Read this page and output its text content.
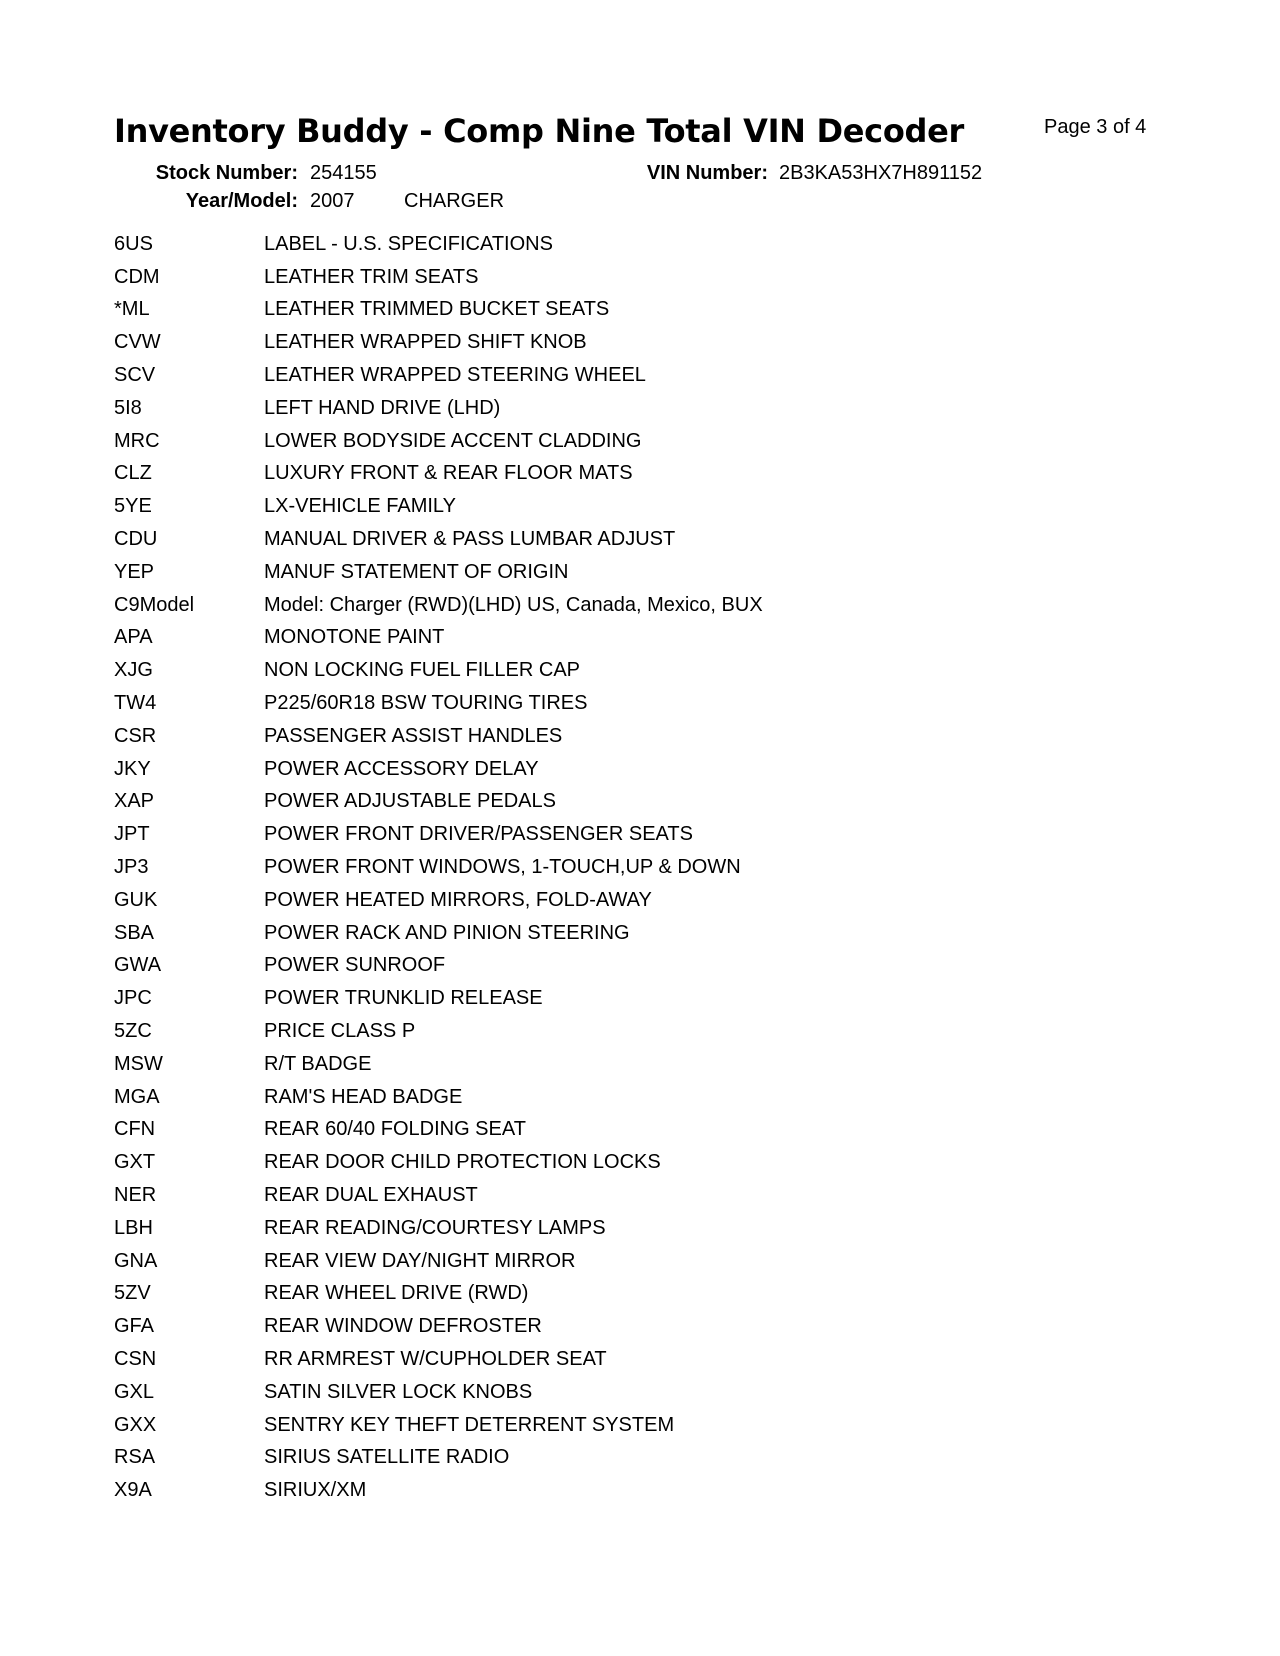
Inventory Buddy - Comp Nine Total VIN Decoder	Page 3 of 4
Stock Number: 254155	VIN Number: 2B3KA53HX7H891152
Year/Model: 2007 CHARGER
6US	LABEL - U.S. SPECIFICATIONS
CDM	LEATHER TRIM SEATS
*ML	LEATHER TRIMMED BUCKET SEATS
CVW	LEATHER WRAPPED SHIFT KNOB
SCV	LEATHER WRAPPED STEERING WHEEL
5I8	LEFT HAND DRIVE (LHD)
MRC	LOWER BODYSIDE ACCENT CLADDING
CLZ	LUXURY FRONT & REAR FLOOR MATS
5YE	LX-VEHICLE FAMILY
CDU	MANUAL DRIVER & PASS LUMBAR ADJUST
YEP	MANUF STATEMENT OF ORIGIN
C9Model	Model: Charger (RWD)(LHD) US, Canada, Mexico, BUX
APA	MONOTONE PAINT
XJG	NON LOCKING FUEL FILLER CAP
TW4	P225/60R18 BSW TOURING TIRES
CSR	PASSENGER ASSIST HANDLES
JKY	POWER ACCESSORY DELAY
XAP	POWER ADJUSTABLE PEDALS
JPT	POWER FRONT DRIVER/PASSENGER SEATS
JP3	POWER FRONT WINDOWS, 1-TOUCH,UP & DOWN
GUK	POWER HEATED MIRRORS, FOLD-AWAY
SBA	POWER RACK AND PINION STEERING
GWA	POWER SUNROOF
JPC	POWER TRUNKLID RELEASE
5ZC	PRICE CLASS P
MSW	R/T BADGE
MGA	RAM'S HEAD BADGE
CFN	REAR 60/40 FOLDING SEAT
GXT	REAR DOOR CHILD PROTECTION LOCKS
NER	REAR DUAL EXHAUST
LBH	REAR READING/COURTESY LAMPS
GNA	REAR VIEW DAY/NIGHT MIRROR
5ZV	REAR WHEEL DRIVE (RWD)
GFA	REAR WINDOW DEFROSTER
CSN	RR ARMREST W/CUPHOLDER SEAT
GXL	SATIN SILVER LOCK KNOBS
GXX	SENTRY KEY THEFT DETERRENT SYSTEM
RSA	SIRIUS SATELLITE RADIO
X9A	SIRIUX/XM
